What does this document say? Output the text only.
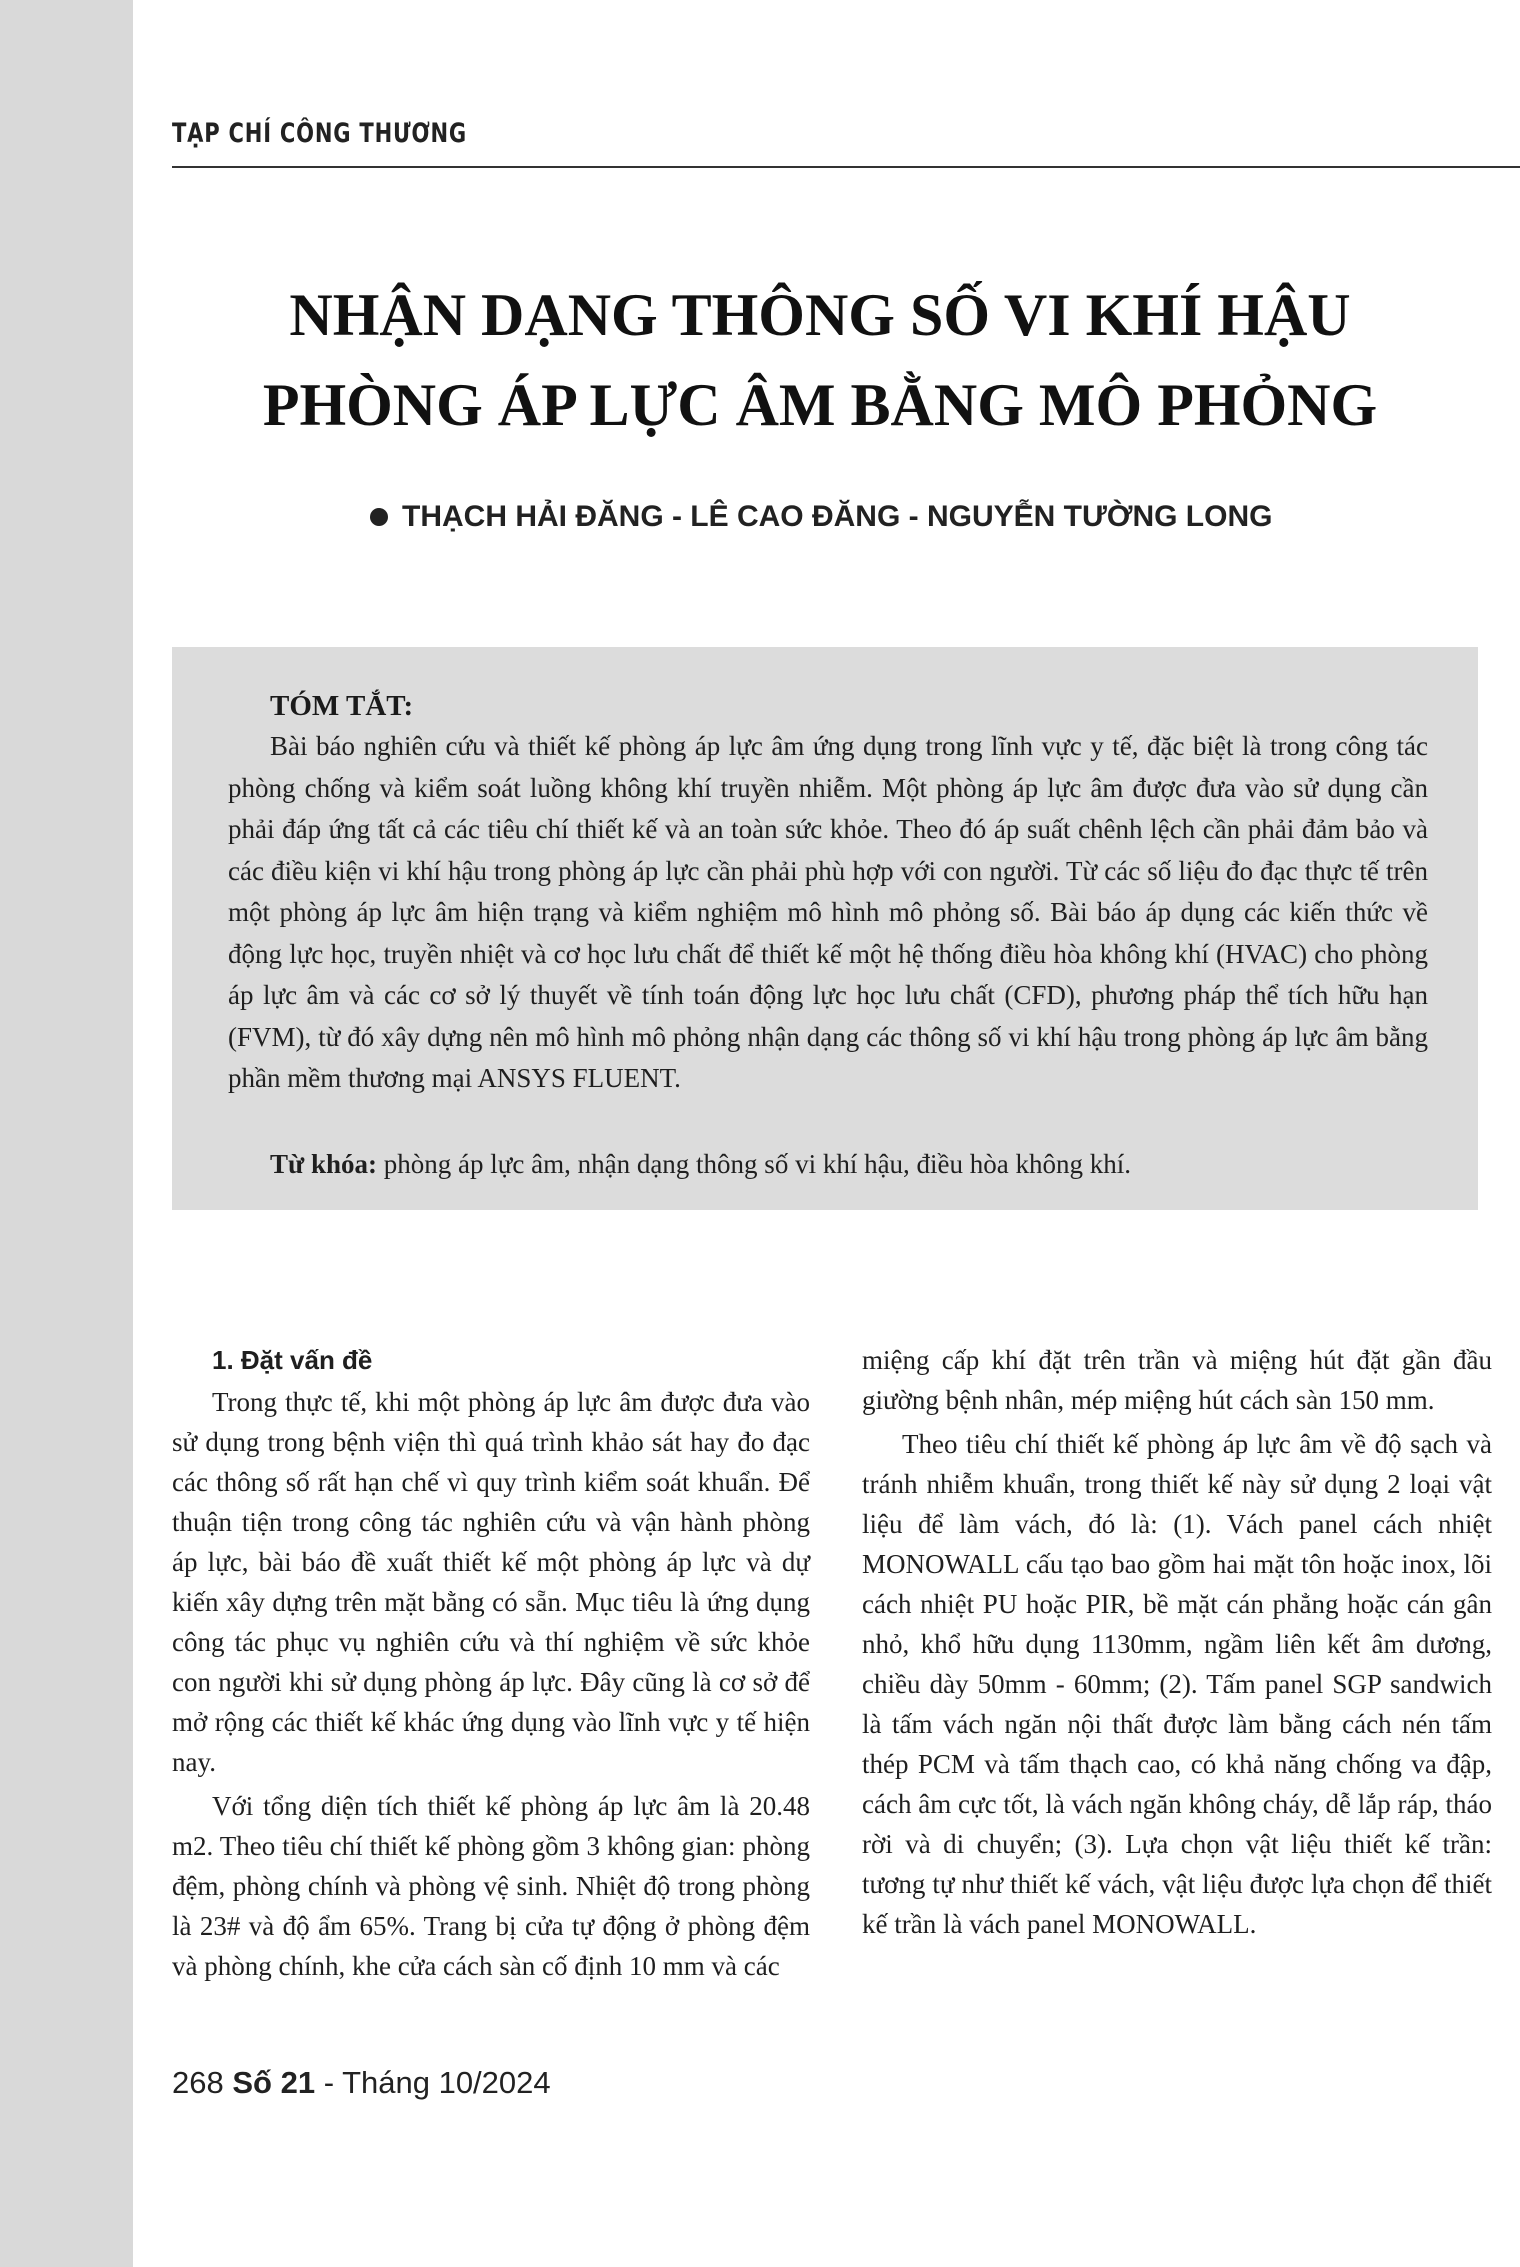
TẠP CHÍ CÔNG THƯƠNG
NHẬN DẠNG THÔNG SỐ VI KHÍ HẬU
PHÒNG ÁP LỰC ÂM BẰNG MÔ PHỎNG
THẠCH HẢI ĐĂNG - LÊ CAO ĐĂNG - NGUYỄN TƯỜNG LONG
TÓM TẮT:

Bài báo nghiên cứu và thiết kế phòng áp lực âm ứng dụng trong lĩnh vực y tế, đặc biệt là trong công tác phòng chống và kiểm soát luồng không khí truyền nhiễm. Một phòng áp lực âm được đưa vào sử dụng cần phải đáp ứng tất cả các tiêu chí thiết kế và an toàn sức khỏe. Theo đó áp suất chênh lệch cần phải đảm bảo và các điều kiện vi khí hậu trong phòng áp lực cần phải phù hợp với con người. Từ các số liệu đo đạc thực tế trên một phòng áp lực âm hiện trạng và kiểm nghiệm mô hình mô phỏng số. Bài báo áp dụng các kiến thức về động lực học, truyền nhiệt và cơ học lưu chất để thiết kế một hệ thống điều hòa không khí (HVAC) cho phòng áp lực âm và các cơ sở lý thuyết về tính toán động lực học lưu chất (CFD), phương pháp thể tích hữu hạn (FVM), từ đó xây dựng nên mô hình mô phỏng nhận dạng các thông số vi khí hậu trong phòng áp lực âm bằng phần mềm thương mại ANSYS FLUENT.

Từ khóa: phòng áp lực âm, nhận dạng thông số vi khí hậu, điều hòa không khí.
1. Đặt vấn đề

Trong thực tế, khi một phòng áp lực âm được đưa vào sử dụng trong bệnh viện thì quá trình khảo sát hay đo đạc các thông số rất hạn chế vì quy trình kiểm soát khuẩn. Để thuận tiện trong công tác nghiên cứu và vận hành phòng áp lực, bài báo đề xuất thiết kế một phòng áp lực và dự kiến xây dựng trên mặt bằng có sẵn. Mục tiêu là ứng dụng công tác phục vụ nghiên cứu và thí nghiệm về sức khỏe con người khi sử dụng phòng áp lực. Đây cũng là cơ sở để mở rộng các thiết kế khác ứng dụng vào lĩnh vực y tế hiện nay.

Với tổng diện tích thiết kế phòng áp lực âm là 20.48 m2. Theo tiêu chí thiết kế phòng gồm 3 không gian: phòng đệm, phòng chính và phòng vệ sinh. Nhiệt độ trong phòng là 23# và độ ẩm 65%. Trang bị cửa tự động ở phòng đệm và phòng chính, khe cửa cách sàn cố định 10 mm và các

miệng cấp khí đặt trên trần và miệng hút đặt gần đầu giường bệnh nhân, mép miệng hút cách sàn 150 mm.

Theo tiêu chí thiết kế phòng áp lực âm về độ sạch và tránh nhiễm khuẩn, trong thiết kế này sử dụng 2 loại vật liệu để làm vách, đó là: (1). Vách panel cách nhiệt MONOWALL cấu tạo bao gồm hai mặt tôn hoặc inox, lõi cách nhiệt PU hoặc PIR, bề mặt cán phẳng hoặc cán gân nhỏ, khổ hữu dụng 1130mm, ngầm liên kết âm dương, chiều dày 50mm - 60mm; (2). Tấm panel SGP sandwich là tấm vách ngăn nội thất được làm bằng cách nén tấm thép PCM và tấm thạch cao, có khả năng chống va đập, cách âm cực tốt, là vách ngăn không cháy, dễ lắp ráp, tháo rời và di chuyển; (3). Lựa chọn vật liệu thiết kế trần: tương tự như thiết kế vách, vật liệu được lựa chọn để thiết kế trần là vách panel MONOWALL.

268 Số 21 - Tháng 10/2024
